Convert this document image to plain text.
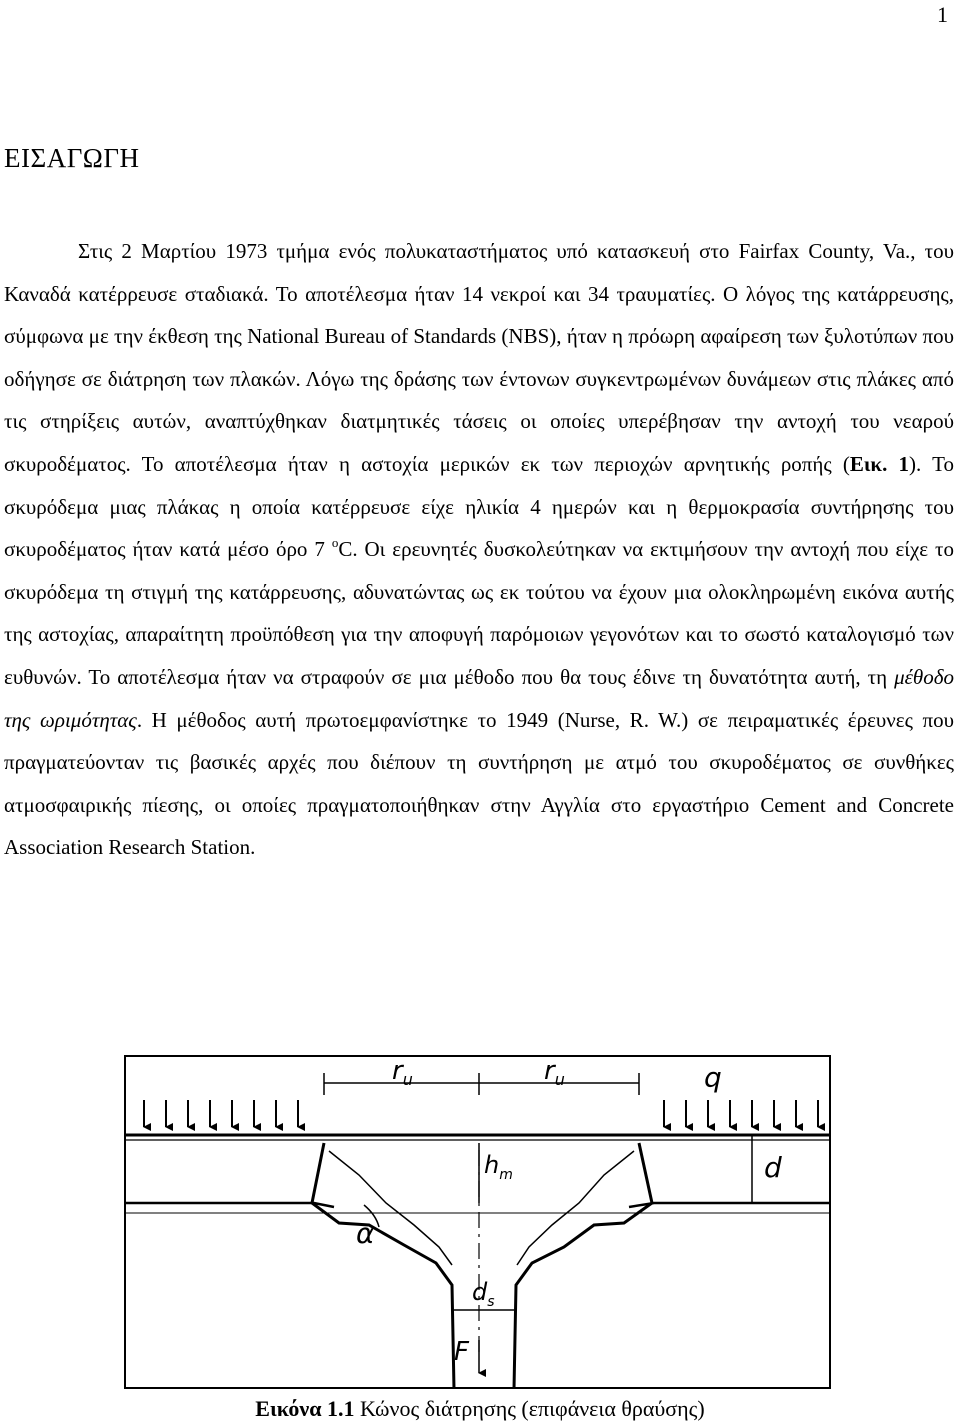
1
ΕΙΣΑΓΩΓΗ

Στις 2 Μαρτίου 1973 τμήμα ενός πολυκαταστήματος υπό κατασκευή στο Fairfax County, Va., του Καναδά κατέρρευσε σταδιακά. Το αποτέλεσμα ήταν 14 νεκροί και 34 τραυματίες. Ο λόγος της κατάρρευσης, σύμφωνα με την έκθεση της National Bureau of Standards (NBS), ήταν η πρόωρη αφαίρεση των ξυλοτύπων που οδήγησε σε διάτρηση των πλακών. Λόγω της δράσης των έντονων συγκεντρωμένων δυνάμεων στις πλάκες από τις στηρίξεις αυτών, αναπτύχθηκαν διατμητικές τάσεις οι οποίες υπερέβησαν την αντοχή του νεαρού σκυροδέματος. Το αποτέλεσμα ήταν η αστοχία μερικών εκ των περιοχών αρνητικής ροπής (Εικ. 1). Το σκυρόδεμα μιας πλάκας η οποία κατέρρευσε είχε ηλικία 4 ημερών και η θερμοκρασία συντήρησης του σκυροδέματος ήταν κατά μέσο όρο 7 $^o$C. Οι ερευνητές δυσκολεύτηκαν να εκτιμήσουν την αντοχή που είχε το σκυρόδεμα τη στιγμή της κατάρρευσης, αδυνατώντας ως εκ τούτου να έχουν μια ολοκληρωμένη εικόνα αυτής της αστοχίας, απαραίτητη προϋπόθεση για την αποφυγή παρόμοιων γεγονότων και το σωστό καταλογισμό των ευθυνών. Το αποτέλεσμα ήταν να στραφούν σε μια μέθοδο που θα τους έδινε τη δυνατότητα αυτή, τη μέθοδο της ωριμότητας. Η μέθοδος αυτή πρωτοεμφανίστηκε το 1949 (Nurse, R. W.) σε πειραματικές έρευνες που πραγματεύονταν τις βασικές αρχές που διέπουν τη συντήρηση με ατμό του σκυροδέματος σε συνθήκες ατμοσφαιρικής πίεσης, οι οποίες πραγματοποιήθηκαν στην Αγγλία στο εργαστήριο Cement and Concrete Association Research Station.

$r_u$	$r_u$	q
d
$h_m$
α
$d_s$
F
Εικόνα 1.1 Κώνος διάτρησης (επιφάνεια θραύσης)
